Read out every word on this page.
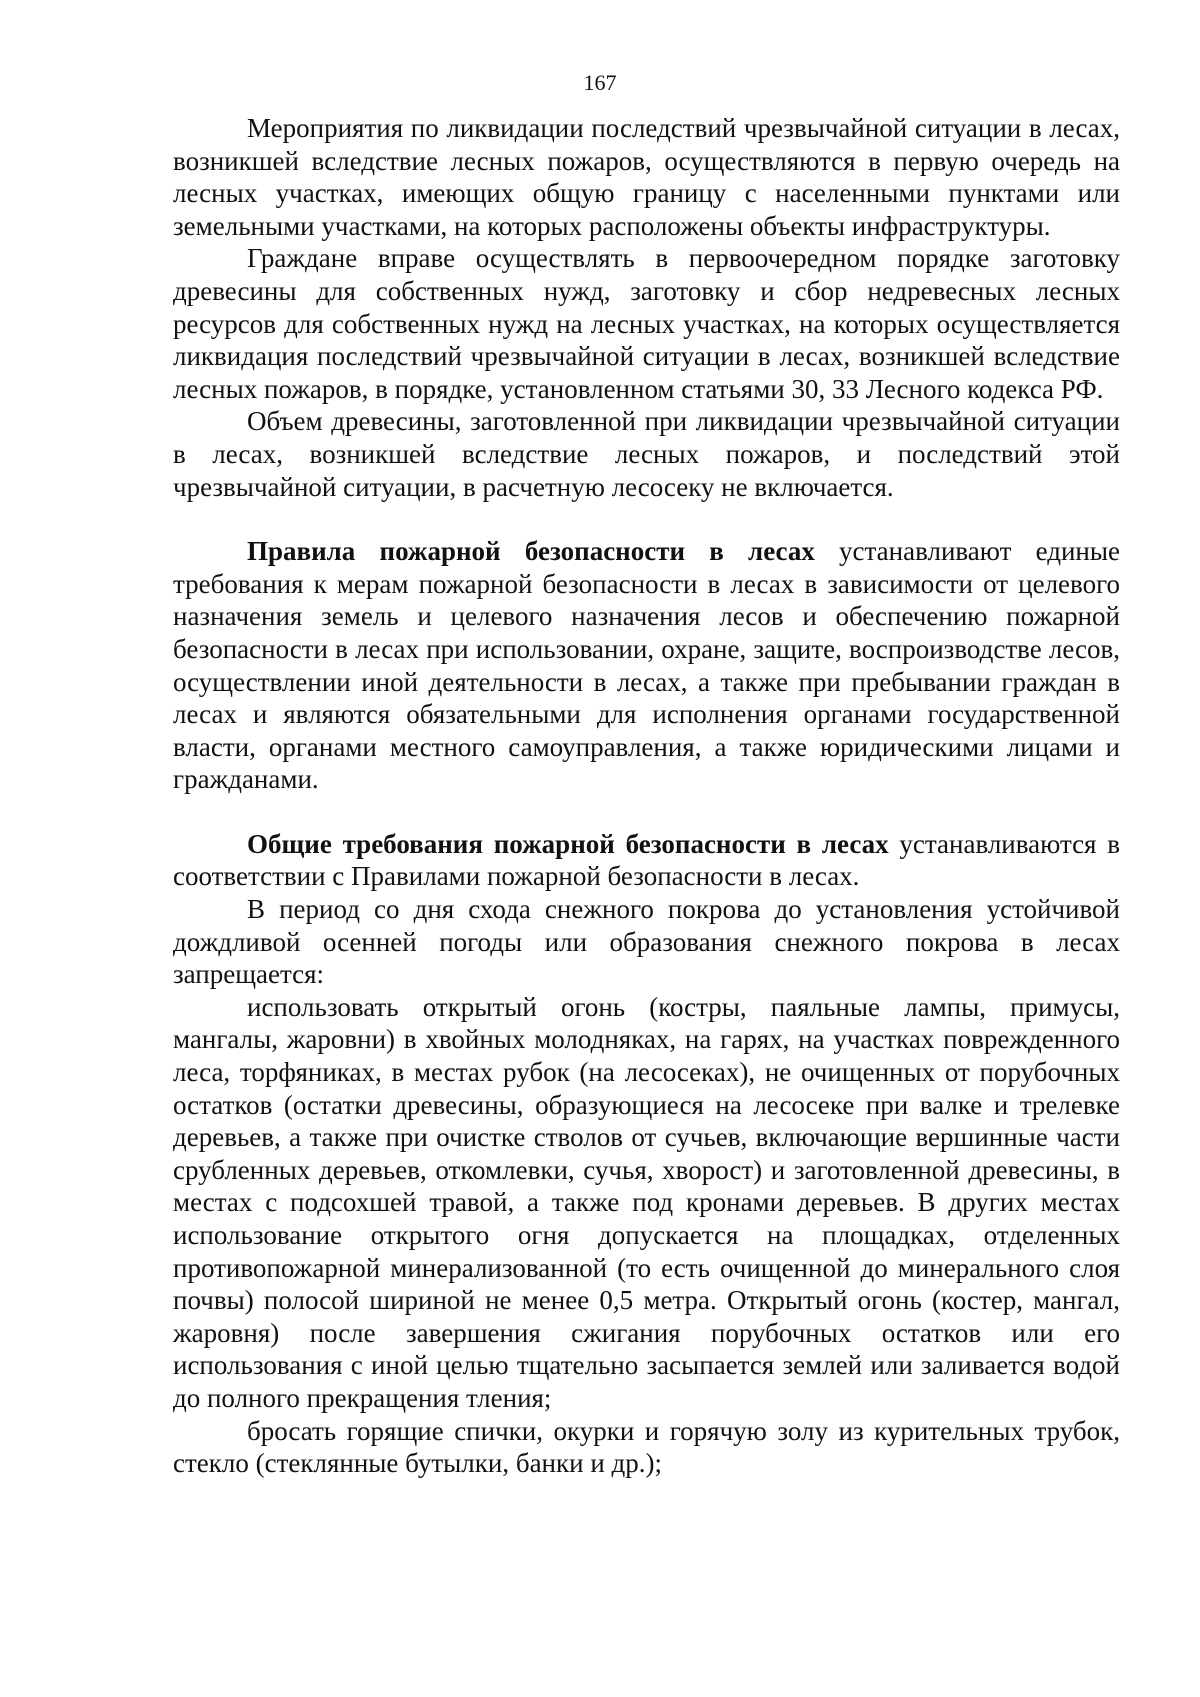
167

Мероприятия по ликвидации последствий чрезвычайной ситуации в лесах, возникшей вследствие лесных пожаров, осуществляются в первую очередь на лесных участках, имеющих общую границу с населенными пунктами или земельными участками, на которых расположены объекты инфраструктуры.

Граждане вправе осуществлять в первоочередном порядке заготовку древесины для собственных нужд, заготовку и сбор недревесных лесных ресурсов для собственных нужд на лесных участках, на которых осуществляется ликвидация последствий чрезвычайной ситуации в лесах, возникшей вследствие лесных пожаров, в порядке, установленном статьями 30, 33 Лесного кодекса РФ.

Объем древесины, заготовленной при ликвидации чрезвычайной ситуации в лесах, возникшей вследствие лесных пожаров, и последствий этой чрезвычайной ситуации, в расчетную лесосеку не включается.

Правила пожарной безопасности в лесах устанавливают единые требования к мерам пожарной безопасности в лесах в зависимости от целевого назначения земель и целевого назначения лесов и обеспечению пожарной безопасности в лесах при использовании, охране, защите, воспроизводстве лесов, осуществлении иной деятельности в лесах, а также при пребывании граждан в лесах и являются обязательными для исполнения органами государственной власти, органами местного самоуправления, а также юридическими лицами и гражданами.

Общие требования пожарной безопасности в лесах устанавливаются в соответствии с Правилами пожарной безопасности в лесах.

В период со дня схода снежного покрова до установления устойчивой дождливой осенней погоды или образования снежного покрова в лесах запрещается:

использовать открытый огонь (костры, паяльные лампы, примусы, мангалы, жаровни) в хвойных молодняках, на гарях, на участках поврежденного леса, торфяниках, в местах рубок (на лесосеках), не очищенных от порубочных остатков (остатки древесины, образующиеся на лесосеке при валке и трелевке деревьев, а также при очистке стволов от сучьев, включающие вершинные части срубленных деревьев, откомлевки, сучья, хворост) и заготовленной древесины, в местах с подсохшей травой, а также под кронами деревьев. В других местах использование открытого огня допускается на площадках, отделенных противопожарной минерализованной (то есть очищенной до минерального слоя почвы) полосой шириной не менее 0,5 метра. Открытый огонь (костер, мангал, жаровня) после завершения сжигания порубочных остатков или его использования с иной целью тщательно засыпается землей или заливается водой до полного прекращения тления;

бросать горящие спички, окурки и горячую золу из курительных трубок, стекло (стеклянные бутылки, банки и др.);
